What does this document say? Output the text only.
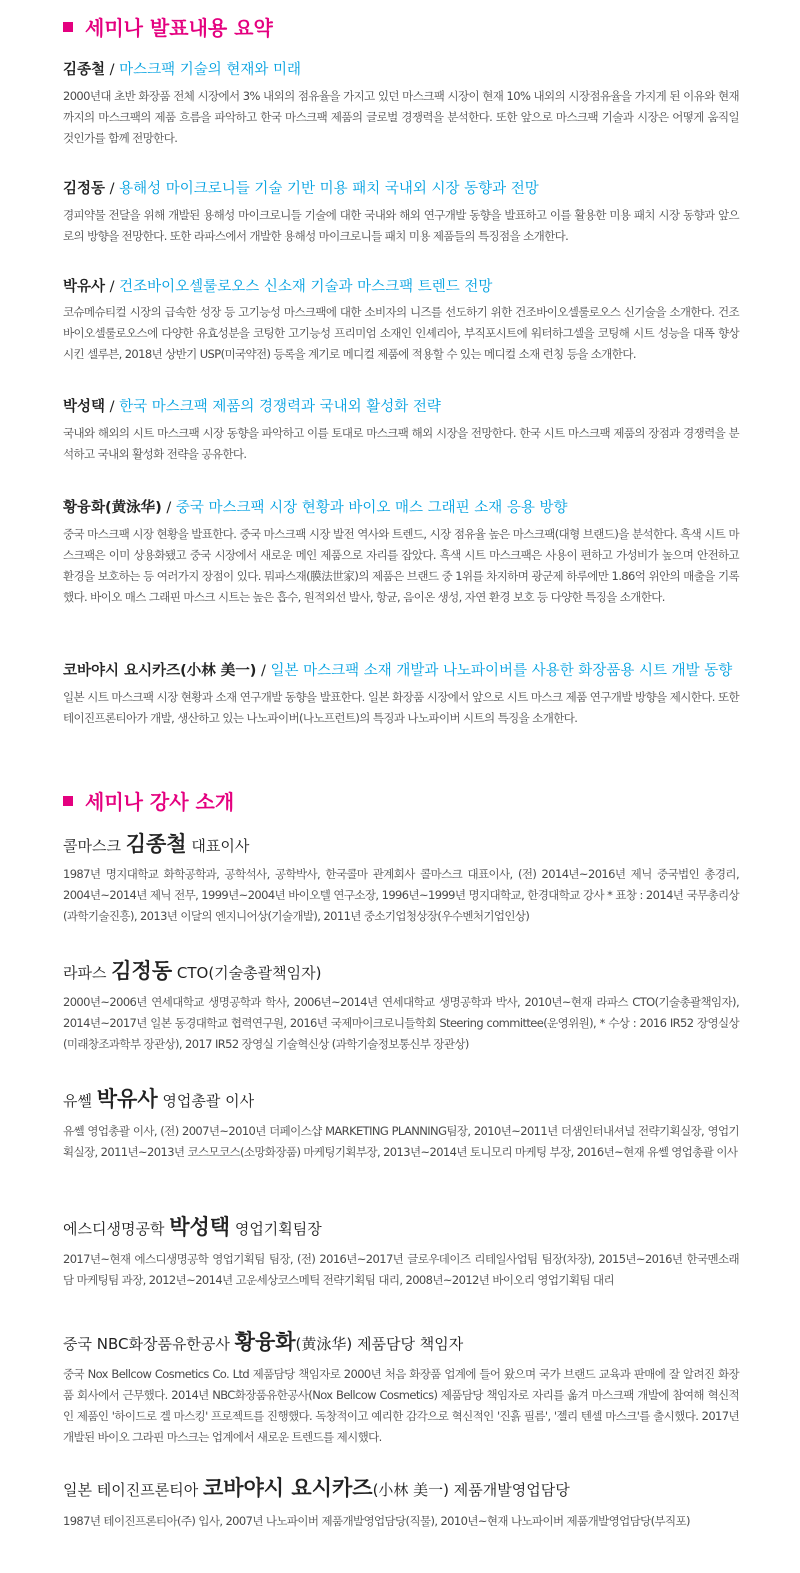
세미나 발표내용 요약
김종철 / 마스크팩 기술의 현재와 미래
2000년대 초반 화장품 전체 시장에서 3% 내외의 점유율을 가지고 있던 마스크팩 시장이 현재 10% 내외의 시장점유율을 가지게 된 이유와 현재까지의 마스크팩의 제품 흐름을 파악하고 한국 마스크팩 제품의 글로벌 경쟁력을 분석한다. 또한 앞으로 마스크팩 기술과 시장은 어떻게 움직일 것인가를 함께 전망한다.
김정동 / 용해성 마이크로니들 기술 기반 미용 패치 국내외 시장 동향과 전망
경피약물 전달을 위해 개발된 용해성 마이크로니들 기술에 대한 국내와 해외 연구개발 동향을 발표하고 이를 활용한 미용 패치 시장 동향과 앞으로의 방향을 전망한다. 또한 라파스에서 개발한 용해성 마이크로니들 패치 미용 제품들의 특징점을 소개한다.
박유사 / 건조바이오셀룰로오스 신소재 기술과 마스크팩 트렌드 전망
코슈메슈티컬 시장의 급속한 성장 등 고기능성 마스크팩에 대한 소비자의 니즈를 선도하기 위한 건조바이오셀룰로오스 신기술을 소개한다. 건조바이오셀룰로오스에 다양한 유효성분을 코팅한 고기능성 프리미엄 소재인 인셰리아, 부직포시트에 워터하그셀을 코팅해 시트 성능을 대폭 향상시킨 셀루븐, 2018년 상반기 USP(미국약전) 등록을 계기로 메디컬 제품에 적용할 수 있는 메디컬 소재 런칭 등을 소개한다.
박성택 / 한국 마스크팩 제품의 경쟁력과 국내외 활성화 전략
국내와 해외의 시트 마스크팩 시장 동향을 파악하고 이를 토대로 마스크팩 해외 시장을 전망한다. 한국 시트 마스크팩 제품의 장점과 경쟁력을 분석하고 국내외 활성화 전략을 공유한다.
황융화(黄泳华) / 중국 마스크팩 시장 현황과 바이오 매스 그래핀 소재 응용 방향
중국 마스크팩 시장 현황을 발표한다. 중국 마스크팩 시장 발전 역사와 트렌드, 시장 점유율 높은 마스크팩(대형 브랜드)을 분석한다. 흑색 시트 마스크팩은 이미 상용화됐고 중국 시장에서 새로운 메인 제품으로 자리를 잡았다. 흑색 시트 마스크팩은 사용이 편하고 가성비가 높으며 안전하고 환경을 보호하는 등 여러가지 장점이 있다. 뭐파스재(膜法世家)의 제품은 브랜드 중 1위를 차지하며 광군제 하루에만 1.86억 위안의 매출을 기록했다. 바이오 매스 그래핀 마스크 시트는 높은 흡수, 원적외선 발사, 항균, 음이온 생성, 자연 환경 보호 등 다양한 특징을 소개한다.
코바야시 요시카즈(小林 美一) / 일본 마스크팩 소재 개발과 나노파이버를 사용한 화장품용 시트 개발 동향
일본 시트 마스크팩 시장 현황과 소재 연구개발 동향을 발표한다. 일본 화장품 시장에서 앞으로 시트 마스크 제품 연구개발 방향을 제시한다. 또한 테이진프론티아가 개발, 생산하고 있는 나노파이버(나노프런트)의 특징과 나노파이버 시트의 특징을 소개한다.
세미나 강사 소개
콜마스크 김종철 대표이사
1987년 명지대학교 화학공학과, 공학석사, 공학박사, 한국콜마 관계회사 콜마스크 대표이사, (전) 2014년~2016년 제닉 중국법인 총경리, 2004년~2014년 제닉 전무, 1999년~2004년 바이오텔 연구소장, 1996년~1999년 명지대학교, 한경대학교 강사 * 표창 : 2014년 국무총리상(과학기술진흥), 2013년 이달의 엔지니어상(기술개발), 2011년 중소기업청상장(우수벤처기업인상)
라파스 김정동 CTO(기술총괄책임자)
2000년~2006년 연세대학교 생명공학과 학사, 2006년~2014년 연세대학교 생명공학과 박사, 2010년~현재 라파스 CTO(기술총괄책임자), 2014년~2017년 일본 동경대학교 협력연구원, 2016년 국제마이크로니들학회 Steering committee(운영위원), * 수상 : 2016 IR52 장영실상(미래창조과학부 장관상), 2017 IR52 장영실 기술혁신상 (과학기술정보통신부 장관상)
유쎌 박유사 영업총괄 이사
유쎌 영업총괄 이사, (전) 2007년~2010년 더페이스샵 MARKETING PLANNING팀장, 2010년~2011년 더샘인터내셔널 전략기획실장, 영업기획실장, 2011년~2013년 코스모코스(소망화장품) 마케팅기획부장, 2013년~2014년 토니모리 마케팅 부장, 2016년~현재 유쎌 영업총괄 이사
에스디생명공학 박성택 영업기획팀장
2017년~현재 에스디생명공학 영업기획팀 팀장, (전) 2016년~2017년 글로우데이즈 리테일사업팀 팀장(차장), 2015년~2016년 한국멘소래담 마케팅팀 과장, 2012년~2014년 고운세상코스메틱 전략기획팀 대리, 2008년~2012년 바이오리 영업기획팀 대리
중국 NBC화장품유한공사 황융화(黄泳华) 제품담당 책임자
중국 Nox Bellcow Cosmetics Co. Ltd 제품담당 책임자로 2000년 처음 화장품 업계에 들어 왔으며 국가 브랜드 교육과 판매에 잘 알려진 화장품 회사에서 근무했다. 2014년 NBC화장품유한공사(Nox Bellcow Cosmetics) 제품담당 책임자로 자리를 옮겨 마스크팩 개발에 참여해 혁신적인 제품인 '하이드로 겔 마스킹' 프로젝트를 진행했다. 독창적이고 예리한 감각으로 혁신적인 '진흙 필름', '젤리 텐셀 마스크'를 출시했다. 2017년 개발된 바이오 그라핀 마스크는 업계에서 새로운 트렌드를 제시했다.
일본 테이진프론티아 코바야시 요시카즈(小林 美一) 제품개발영업담당
1987년 테이진프론티아(주) 입사, 2007년 나노파이버 제품개발영업담당(직물), 2010년~현재 나노파이버 제품개발영업담당(부직포)
